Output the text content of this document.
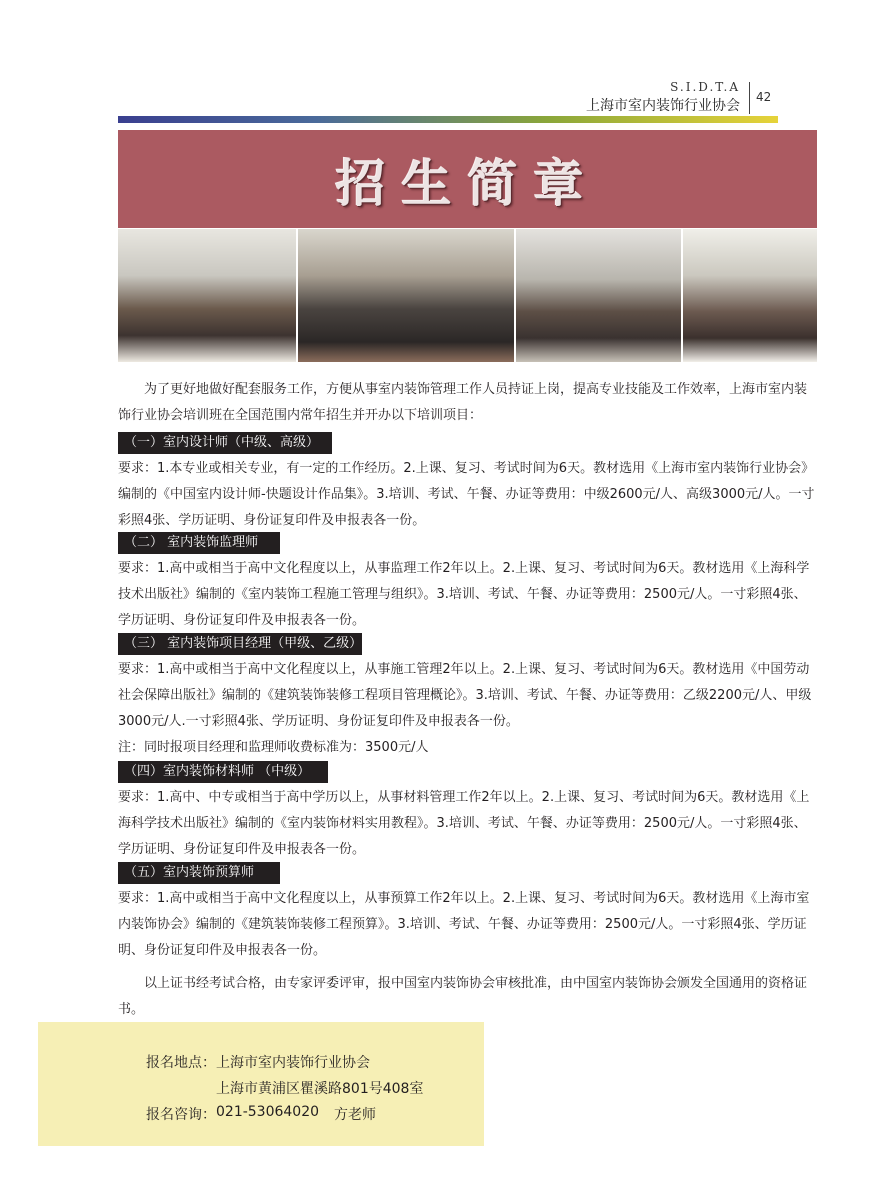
S.I.D.T.A
上海市室内装饰行业协会
42
招生简章
为了更好地做好配套服务工作，方便从事室内装饰管理工作人员持证上岗，提高专业技能及工作效率，上海市室内装饰行业协会培训班在全国范围内常年招生并开办以下培训项目：
（一）室内设计师（中级、高级）
要求：1.本专业或相关专业，有一定的工作经历。2.上课、复习、考试时间为6天。教材选用《上海市室内装饰行业协会》编制的《中国室内设计师-快题设计作品集》。3.培训、考试、午餐、办证等费用：中级2600元/人、高级3000元/人。一寸彩照4张、学历证明、身份证复印件及申报表各一份。
（二） 室内装饰监理师
要求：1.高中或相当于高中文化程度以上，从事监理工作2年以上。2.上课、复习、考试时间为6天。教材选用《上海科学技术出版社》编制的《室内装饰工程施工管理与组织》。3.培训、考试、午餐、办证等费用：2500元/人。一寸彩照4张、学历证明、身份证复印件及申报表各一份。
（三） 室内装饰项目经理（甲级、乙级）
要求：1.高中或相当于高中文化程度以上，从事施工管理2年以上。2.上课、复习、考试时间为6天。教材选用《中国劳动社会保障出版社》编制的《建筑装饰装修工程项目管理概论》。3.培训、考试、午餐、办证等费用：乙级2200元/人、甲级3000元/人.一寸彩照4张、学历证明、身份证复印件及申报表各一份。
注：同时报项目经理和监理师收费标准为：3500元/人
（四）室内装饰材料师 （中级）
要求：1.高中、中专或相当于高中学历以上，从事材料管理工作2年以上。2.上课、复习、考试时间为6天。教材选用《上海科学技术出版社》编制的《室内装饰材料实用教程》。3.培训、考试、午餐、办证等费用：2500元/人。一寸彩照4张、学历证明、身份证复印件及申报表各一份。
（五）室内装饰预算师
要求：1.高中或相当于高中文化程度以上，从事预算工作2年以上。2.上课、复习、考试时间为6天。教材选用《上海市室内装饰协会》编制的《建筑装饰装修工程预算》。3.培训、考试、午餐、办证等费用：2500元/人。一寸彩照4张、学历证明、身份证复印件及申报表各一份。
以上证书经考试合格，由专家评委评审，报中国室内装饰协会审核批准，由中国室内装饰协会颁发全国通用的资格证书。
报名地点： 上海市室内装饰行业协会
上海市黄浦区瞿溪路801号408室
报名咨询： 021-53064020 方老师
